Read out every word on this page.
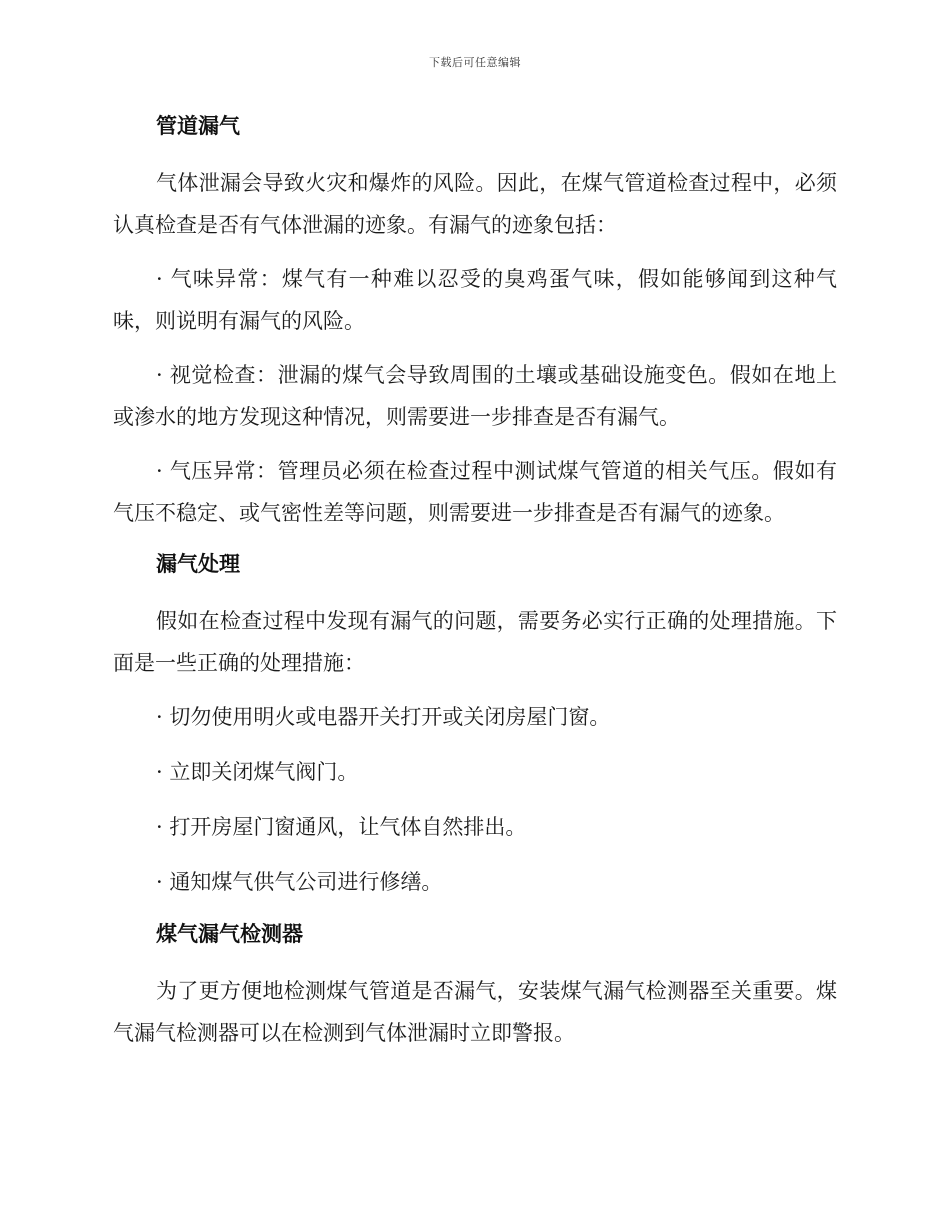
下载后可任意编辑
管道漏气

气体泄漏会导致火灾和爆炸的风险。因此，在煤气管道检查过程中，必须认真检查是否有气体泄漏的迹象。有漏气的迹象包括：

· 气味异常：煤气有一种难以忍受的臭鸡蛋气味，假如能够闻到这种气味，则说明有漏气的风险。

· 视觉检查：泄漏的煤气会导致周围的土壤或基础设施变色。假如在地上或渗水的地方发现这种情况，则需要进一步排查是否有漏气。

· 气压异常：管理员必须在检查过程中测试煤气管道的相关气压。假如有气压不稳定、或气密性差等问题，则需要进一步排查是否有漏气的迹象。

漏气处理

假如在检查过程中发现有漏气的问题，需要务必实行正确的处理措施。下面是一些正确的处理措施：

· 切勿使用明火或电器开关打开或关闭房屋门窗。

· 立即关闭煤气阀门。

· 打开房屋门窗通风，让气体自然排出。

· 通知煤气供气公司进行修缮。

煤气漏气检测器

为了更方便地检测煤气管道是否漏气，安装煤气漏气检测器至关重要。煤气漏气检测器可以在检测到气体泄漏时立即警报。
